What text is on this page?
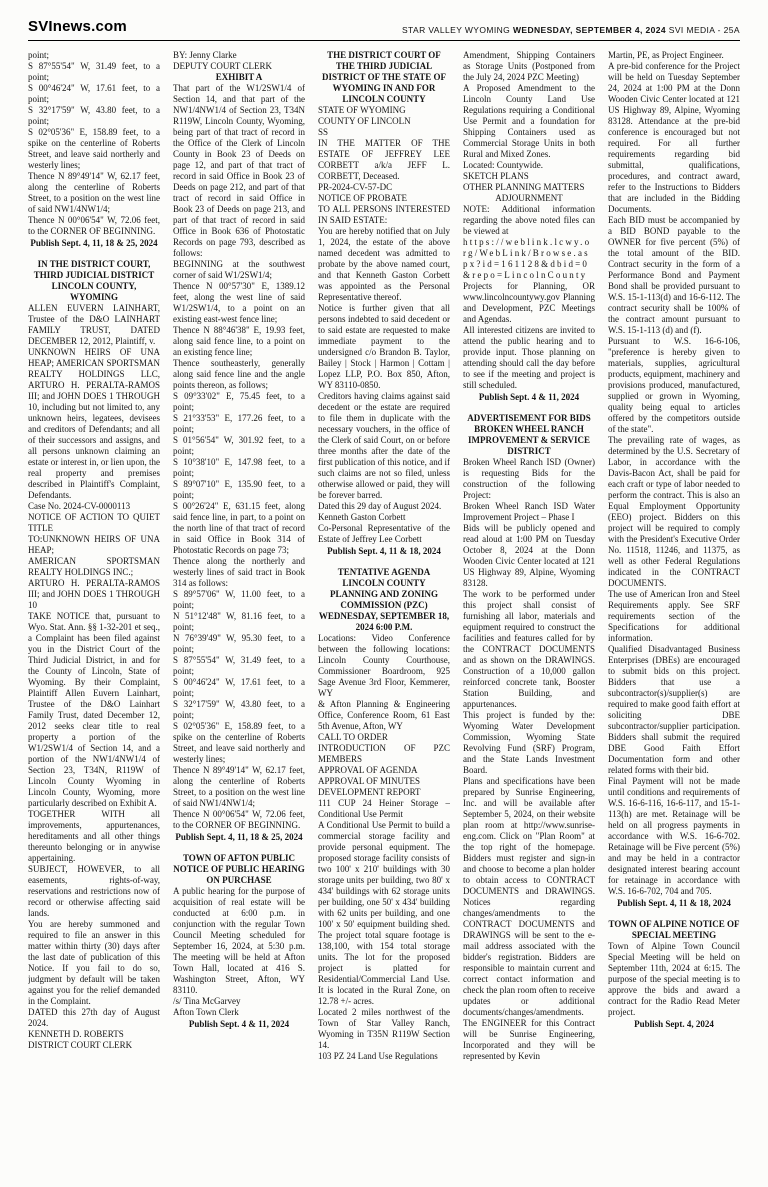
SVInews.com	STAR VALLEY WYOMING WEDNESDAY, SEPTEMBER 4, 2024 SVI MEDIA - 25A

point;

S 87°55'54" W, 31.49 feet, to a point;

S 00°46'24" W, 17.61 feet, to a point;

S 32°17'59" W, 43.80 feet, to a point;

S 02°05'36" E, 158.89 feet, to a spike on the centerline of Roberts Street, and leave said northerly and westerly lines;

Thence N 89°49'14" W, 62.17 feet, along the centerline of Roberts Street, to a position on the west line of said NW1/4NW1/4;

Thence N 00°06'54" W, 72.06 feet, to the CORNER OF BEGINNING.

Publish Sept. 4, 11, 18 & 25, 2024

IN THE DISTRICT COURT, THIRD JUDICIAL DISTRICT LINCOLN COUNTY, WYOMING

ALLEN EUVERN LAINHART, Trustee of the D&O LAINHART FAMILY TRUST, DATED DECEMBER 12, 2012, Plaintiff, v.

UNKNOWN HEIRS OF UNA HEAP; AMERICAN SPORTSMAN REALTY HOLDINGS LLC, ARTURO H. PERALTA-RAMOS III; and JOHN DOES 1 THROUGH 10, including but not limited to, any unknown heirs, legatees, devisees and creditors of Defendants; and all of their successors and assigns, and all persons unknown claiming an estate or interest in, or lien upon, the real property and premises described in Plaintiff's Complaint, Defendants.

Case No. 2024-CV-0000113

NOTICE OF ACTION TO QUIET TITLE

TO:UNKNOWN HEIRS OF UNA HEAP;

AMERICAN SPORTSMAN REALTY HOLDINGS INC.;

ARTURO H. PERALTA-RAMOS III; and JOHN DOES 1 THROUGH 10

TAKE NOTICE that, pursuant to Wyo. Stat. Ann. §§ 1-32-201 et seq., a Complaint has been filed against you in the District Court of the Third Judicial District, in and for the County of Lincoln, State of Wyoming. By their Complaint, Plaintiff Allen Euvern Lainhart, Trustee of the D&O Lainhart Family Trust, dated December 12, 2012 seeks clear title to real property a portion of the W1/2SW1/4 of Section 14, and a portion of the NW1/4NW1/4 of Section 23, T34N, R119W of Lincoln County Wyoming in Lincoln County, Wyoming, more particularly described on Exhibit A.

TOGETHER WITH all improvements, appurtenances, hereditaments and all other things thereunto belonging or in anywise appertaining.

SUBJECT, HOWEVER, to all easements, rights-of-way, reservations and restrictions now of record or otherwise affecting said lands.

You are hereby summoned and required to file an answer in this matter within thirty (30) days after the last date of publication of this Notice. If you fail to do so, judgment by default will be taken against you for the relief demanded in the Complaint.

DATED this 27th day of August 2024.

KENNETH D. ROBERTS

DISTRICT COURT CLERK

BY: Jenny Clarke

DEPUTY COURT CLERK

EXHIBIT A

That part of the W1/2SW1/4 of Section 14, and that part of the NW1/4NW1/4 of Section 23, T34N R119W, Lincoln County, Wyoming, being part of that tract of record in the Office of the Clerk of Lincoln County in Book 23 of Deeds on page 12, and part of that tract of record in said Office in Book 23 of Deeds on page 212, and part of that tract of record in said Office in Book 23 of Deeds on page 213, and part of that tract of record in said Office in Book 636 of Photostatic Records on page 793, described as follows:

BEGINNING at the southwest corner of said W1/2SW1/4;

Thence N 00°57'30" E, 1389.12 feet, along the west line of said W1/2SW1/4, to a point on an existing east-west fence line;

Thence N 88°46'38" E, 19.93 feet, along said fence line, to a point on an existing fence line;

Thence southeasterly, generally along said fence line and the angle points thereon, as follows;

S 09°33'02" E, 75.45 feet, to a point;

S 21°33'53" E, 177.26 feet, to a point;

S 01°56'54" W, 301.92 feet, to a point;

S 10°38'10" E, 147.98 feet, to a point;

S 89°07'10" E, 135.90 feet, to a point;

S 00°26'24" E, 631.15 feet, along said fence line, in part, to a point on the north line of that tract of record in said Office in Book 314 of Photostatic Records on page 73;

Thence along the northerly and westerly lines of said tract in Book 314 as follows:

S 89°57'06" W, 11.00 feet, to a point;

N 51°12'48" W, 81.16 feet, to a point;

N 76°39'49" W, 95.30 feet, to a point;

S 87°55'54" W, 31.49 feet, to a point;

S 00°46'24" W, 17.61 feet, to a point;

S 32°17'59" W, 43.80 feet, to a point;

S 02°05'36" E, 158.89 feet, to a spike on the centerline of Roberts Street, and leave said northerly and westerly lines;

Thence N 89°49'14" W, 62.17 feet, along the centerline of Roberts Street, to a position on the west line of said NW1/4NW1/4;

Thence N 00°06'54" W, 72.06 feet, to the CORNER OF BEGINNING.

Publish Sept. 4, 11, 18 & 25, 2024

TOWN OF AFTON PUBLIC NOTICE OF PUBLIC HEARING ON PURCHASE

A public hearing for the purpose of acquisition of real estate will be conducted at 6:00 p.m. in conjunction with the regular Town Council Meeting scheduled for September 16, 2024, at 5:30 p.m. The meeting will be held at Afton Town Hall, located at 416 S. Washington Street, Afton, WY 83110.

/s/ Tina McGarvey

Afton Town Clerk

Publish Sept. 4 & 11, 2024

THE DISTRICT COURT OF THE THIRD JUDICIAL DISTRICT OF THE STATE OF WYOMING IN AND FOR LINCOLN COUNTY

STATE OF WYOMING

COUNTY OF LINCOLN

SS

IN THE MATTER OF THE ESTATE OF JEFFREY LEE CORBETT a/k/a JEFF L. CORBETT, Deceased.

PR-2024-CV-57-DC

NOTICE OF PROBATE

TO ALL PERSONS INTERESTED IN SAID ESTATE:

You are hereby notified that on July 1, 2024, the estate of the above named decedent was admitted to probate by the above named court, and that Kenneth Gaston Corbett was appointed as the Personal Representative thereof.

Notice is further given that all persons indebted to said decedent or to said estate are requested to make immediate payment to the undersigned c/o Brandon B. Taylor, Bailey | Stock | Harmon | Cottam | Lopez LLP, P.O. Box 850, Afton, WY 83110-0850.

Creditors having claims against said decedent or the estate are required to file them in duplicate with the necessary vouchers, in the office of the Clerk of said Court, on or before three months after the date of the first publication of this notice, and if such claims are not so filed, unless otherwise allowed or paid, they will be forever barred.

Dated this 29 day of August 2024.

Kenneth Gaston Corbett

Co-Personal Representative of the Estate of Jeffrey Lee Corbett

Publish Sept. 4, 11 & 18, 2024

TENTATIVE AGENDA LINCOLN COUNTY PLANNING AND ZONING COMMISSION (PZC) WEDNESDAY, SEPTEMBER 18, 2024 6:00 P.M.

Locations: Video Conference between the following locations: Lincoln County Courthouse, Commissioner Boardroom, 925 Sage Avenue 3rd Floor, Kemmerer, WY

& Afton Planning & Engineering Office, Conference Room, 61 East 5th Avenue, Afton, WY

CALL TO ORDER

INTRODUCTION OF PZC MEMBERS

APPROVAL OF AGENDA

APPROVAL OF MINUTES

DEVELOPMENT REPORT

111 CUP 24 Heiner Storage – Conditional Use Permit

A Conditional Use Permit to build a commercial storage facility and provide personal equipment. The proposed storage facility consists of two 100' x 210' buildings with 30 storage units per building, two 80' x 434' buildings with 62 storage units per building, one 50' x 434' building with 62 units per building, and one 100' x 50' equipment building shed. The project total square footage is 138,100, with 154 total storage units. The lot for the proposed project is platted for Residential/Commercial Land Use. It is located in the Rural Zone, on 12.78 +/- acres.

Located 2 miles northwest of the Town of Star Valley Ranch, Wyoming in T35N R119W Section 14.

103 PZ 24 Land Use Regulations

Amendment, Shipping Containers as Storage Units (Postponed from the July 24, 2024 PZC Meeting)

A Proposed Amendment to the Lincoln County Land Use Regulations requiring a Conditional Use Permit and a foundation for Shipping Containers used as Commercial Storage Units in both Rural and Mixed Zones.

Located: Countywide.

SKETCH PLANS

OTHER PLANNING MATTERS

ADJOURNMENT

NOTE: Additional information regarding the above noted files can be viewed at

https://weblink.lcwy.org/WebLink/Browse.aspx?id=161128&dbid=0&repo=LincolnCounty

Projects for Planning, OR www.lincolncountywy.gov Planning and Development, PZC Meetings and Agendas.

All interested citizens are invited to attend the public hearing and to provide input. Those planning on attending should call the day before to see if the meeting and project is still scheduled.

Publish Sept. 4 & 11, 2024

ADVERTISEMENT FOR BIDS BROKEN WHEEL RANCH IMPROVEMENT & SERVICE DISTRICT

Broken Wheel Ranch ISD (Owner) is requesting Bids for the construction of the following Project:

Broken Wheel Ranch ISD Water Improvement Project – Phase I

Bids will be publicly opened and read aloud at 1:00 PM on Tuesday October 8, 2024 at the Donn Wooden Civic Center located at 121 US Highway 89, Alpine, Wyoming 83128.

The work to be performed under this project shall consist of furnishing all labor, materials and equipment required to construct the facilities and features called for by the CONTRACT DOCUMENTS and as shown on the DRAWINGS. Construction of a 10,000 gallon reinforced concrete tank, Booster Station Building, and appurtenances.

This project is funded by the: Wyoming Water Development Commission, Wyoming State Revolving Fund (SRF) Program, and the State Lands Investment Board.

Plans and specifications have been prepared by Sunrise Engineering, Inc. and will be available after September 5, 2024, on their website plan room at http://www.sunrise-eng.com. Click on "Plan Room" at the top right of the homepage. Bidders must register and sign-in and choose to become a plan holder to obtain access to CONTRACT DOCUMENTS and DRAWINGS. Notices regarding changes/amendments to the CONTRACT DOCUMENTS and DRAWINGS will be sent to the e-mail address associated with the bidder's registration. Bidders are responsible to maintain current and correct contact information and check the plan room often to receive updates or additional documents/changes/amendments. The ENGINEER for this Contract will be Sunrise Engineering, Incorporated and they will be represented by Kevin

Martin, PE, as Project Engineer.

A pre-bid conference for the Project will be held on Tuesday September 24, 2024 at 1:00 PM at the Donn Wooden Civic Center located at 121 US Highway 89, Alpine, Wyoming 83128. Attendance at the pre-bid conference is encouraged but not required. For all further requirements regarding bid submittal, qualifications, procedures, and contract award, refer to the Instructions to Bidders that are included in the Bidding Documents.

Each BID must be accompanied by a BID BOND payable to the OWNER for five percent (5%) of the total amount of the BID. Contract security in the form of a Performance Bond and Payment Bond shall be provided pursuant to W.S. 15-1-113(d) and 16-6-112. The contract security shall be 100% of the contract amount pursuant to W.S. 15-1-113 (d) and (f).

Pursuant to W.S. 16-6-106, "preference is hereby given to materials, supplies, agricultural products, equipment, machinery and provisions produced, manufactured, supplied or grown in Wyoming, quality being equal to articles offered by the competitors outside of the state".

The prevailing rate of wages, as determined by the U.S. Secretary of Labor, in accordance with the Davis-Bacon Act, shall be paid for each craft or type of labor needed to perform the contract. This is also an Equal Employment Opportunity (EEO) project. Bidders on this project will be required to comply with the President's Executive Order No. 11518, 11246, and 11375, as well as other Federal Regulations indicated in the CONTRACT DOCUMENTS.

The use of American Iron and Steel Requirements apply. See SRF requirements section of the Specifications for additional information.

Qualified Disadvantaged Business Enterprises (DBEs) are encouraged to submit bids on this project. Bidders that use a subcontractor(s)/supplier(s) are required to make good faith effort at soliciting DBE subcontractor/supplier participation. Bidders shall submit the required DBE Good Faith Effort Documentation form and other related forms with their bid.

Final Payment will not be made until conditions and requirements of W.S. 16-6-116, 16-6-117, and 15-1-113(h) are met. Retainage will be held on all progress payments in accordance with W.S. 16-6-702. Retainage will be Five percent (5%) and may be held in a contractor designated interest bearing account for retainage in accordance with W.S. 16-6-702, 704 and 705.

Publish Sept. 4, 11 & 18, 2024

TOWN OF ALPINE NOTICE OF SPECIAL MEETING

Town of Alpine Town Council Special Meeting will be held on September 11th, 2024 at 6:15. The purpose of the special meeting is to approve the bids and award a contract for the Radio Read Meter project.

Publish Sept. 4, 2024
